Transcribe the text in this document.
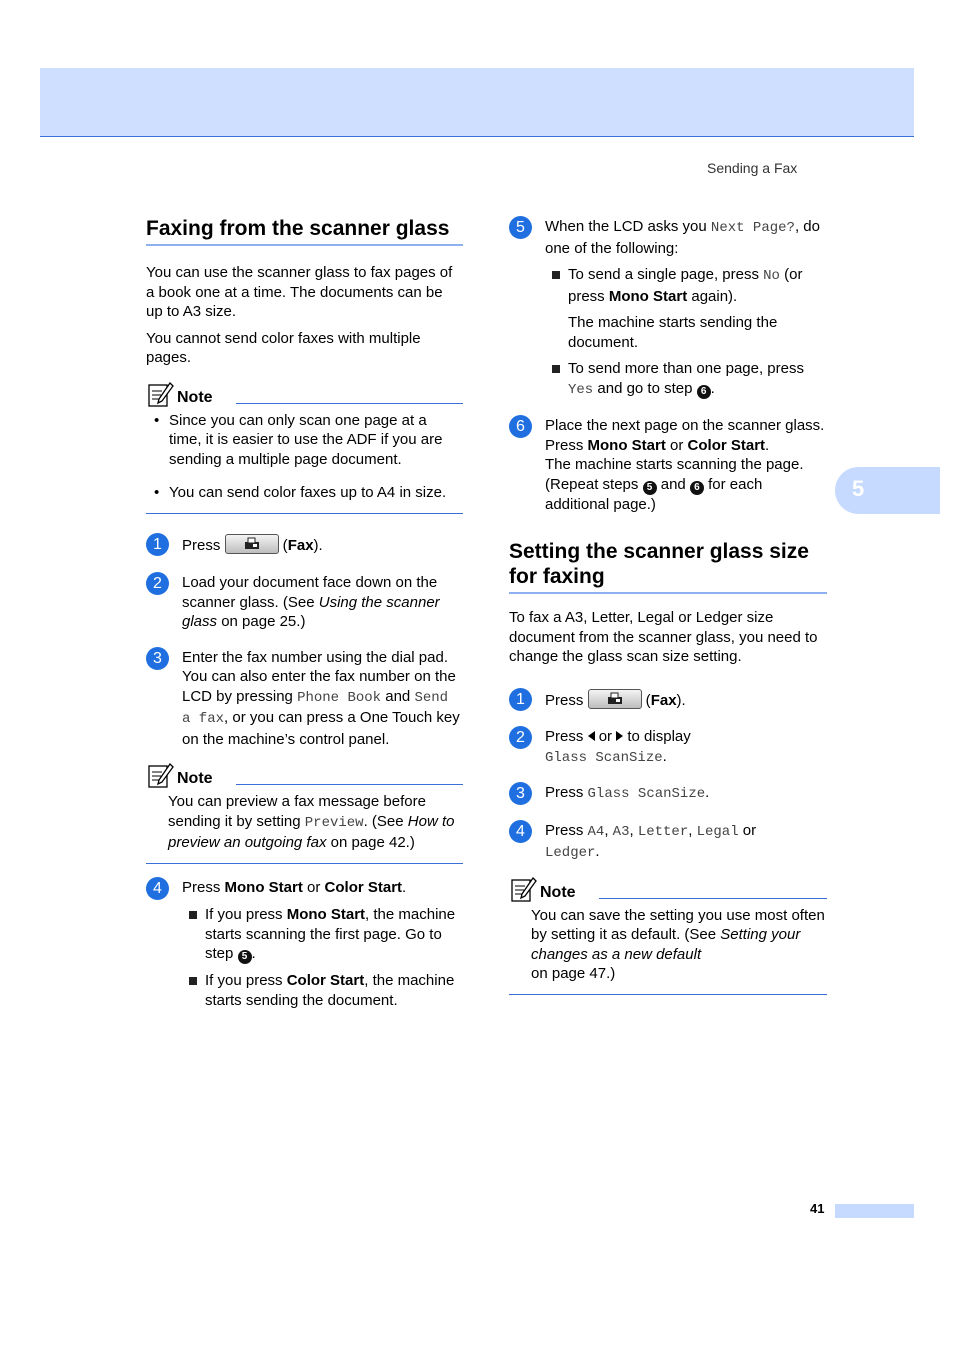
Sending a Fax
5
41
Faxing from the scanner glass

You can use the scanner glass to fax pages of a book one at a time. The documents can be up to A3 size.

You cannot send color faxes with multiple pages.

Note

• Since you can only scan one page at a time, it is easier to use the ADF if you are sending a multiple page document.

• You can send color faxes up to A4 in size.

1	Press	(Fax).

2	Load your document face down on the scanner glass. (See Using the scanner glass on page 25.)

3	Enter the fax number using the dial pad. You can also enter the fax number on the LCD by pressing Phone Book and Send a fax, or you can press a One Touch key on the machine’s control panel.

Note

You can preview a fax message before sending it by setting Preview. (See How to preview an outgoing fax on page 42.)

4	Press Mono Start or Color Start.

If you press Mono Start, the machine starts scanning the first page. Go to step 5 .

If you press Color Start, the machine starts sending the document.

5	When the LCD asks you Next Page?, do one of the following:

To send a single page, press No (or press Mono Start again).

The machine starts sending the document.

To send more than one page, press Yes and go to step 6 .

6	Place the next page on the scanner glass.
Press Mono Start or Color Start.
The machine starts scanning the page. (Repeat steps 5 and 6 for each additional page.)

Setting the scanner glass size for faxing

To fax a A3, Letter, Legal or Ledger size document from the scanner glass, you need to change the glass scan size setting.

1	Press	(Fax).

2	Press or to display
Glass ScanSize.

3	Press Glass ScanSize.

4	Press A4, A3, Letter, Legal or
Ledger.

Note

You can save the setting you use most often by setting it as default. (See Setting your changes as a new default
on page 47.)
